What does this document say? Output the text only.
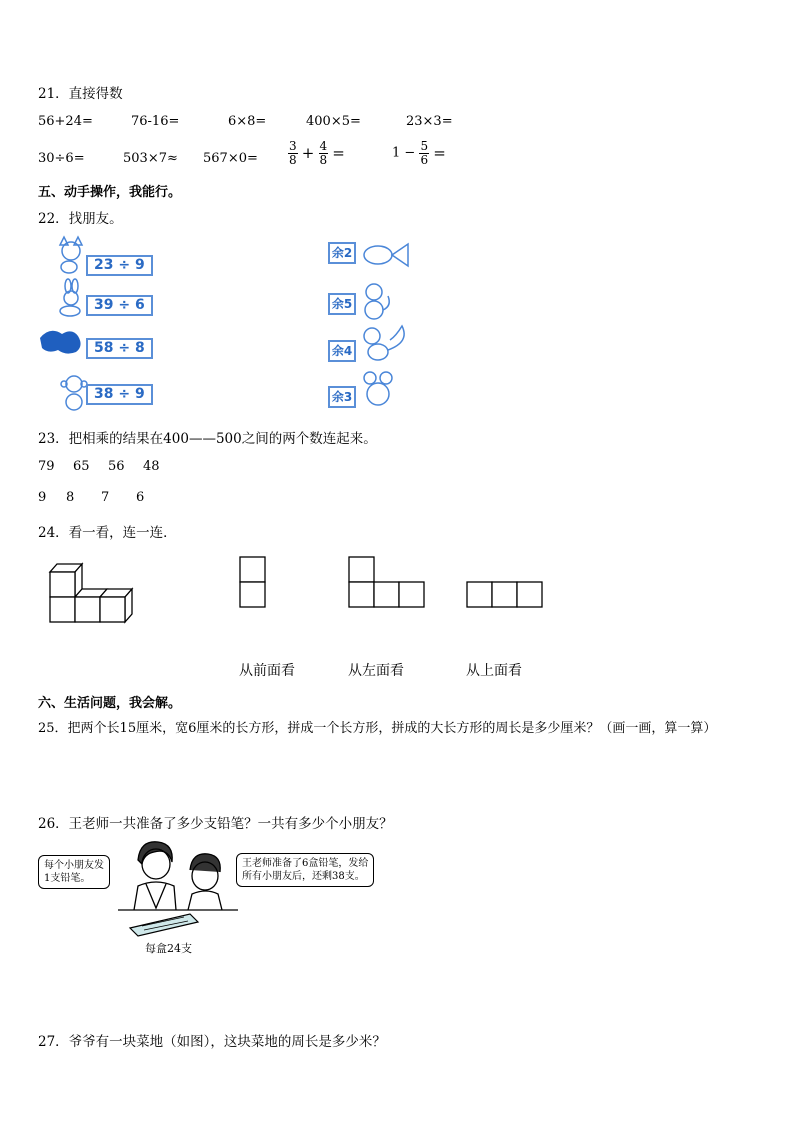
21．直接得数
56+24=	76-16=	6×8=	400×5=	23×3=
30÷6=	503×7≈ 567×0=	$\frac{3}{8} + \frac{4}{8}$ =	$1 - \frac{5}{6}$ =
五、动手操作，我能行。
22．找朋友。
23 ÷ 9
39 ÷ 6
58 ÷ 8
38 ÷ 9
余2
余5
余4
余3
23．把相乘的结果在400——500之间的两个数连起来。
79 65 56 48
9 8 7 6
24．看一看，连一连．
从前面看	从左面看	从上面看
六、生活问题，我会解。
25．把两个长15厘米，宽6厘米的长方形，拼成一个长方形，拼成的大长方形的周长是多少厘米？（画一画，算一算）
26．王老师一共准备了多少支铅笔？一共有多少个小朋友？
每个小朋友发
1支铅笔。
王老师准备了6盒铅笔，发给
所有小朋友后，还剩38支。
每盒24支
27．爷爷有一块菜地（如图），这块菜地的周长是多少米？
